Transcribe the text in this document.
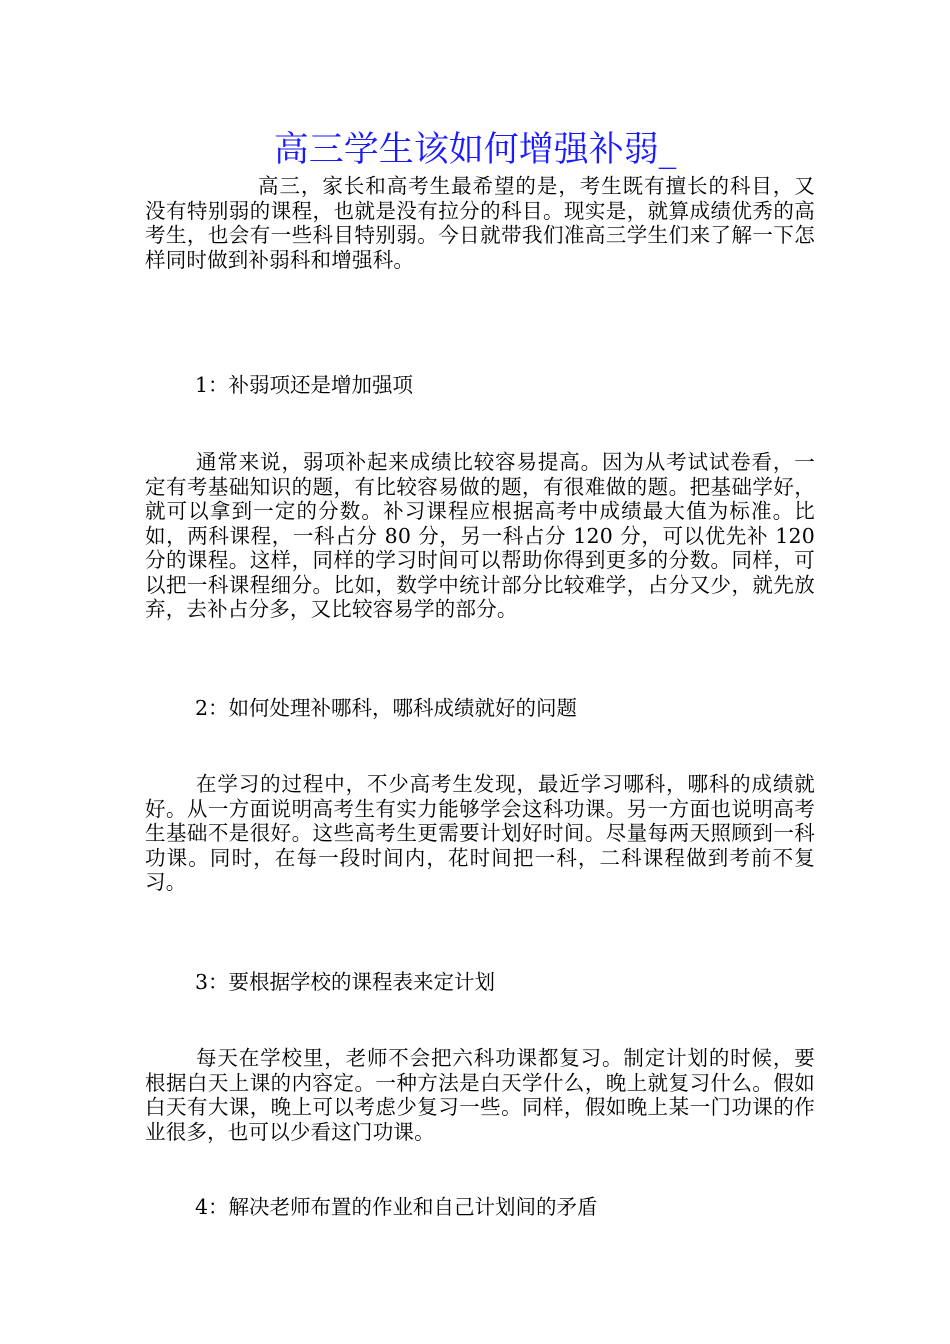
高三学生该如何增强补弱_
高三，家长和高考生最希望的是，考生既有擅长的科目，又没有特别弱的课程，也就是没有拉分的科目。现实是，就算成绩优秀的高考生，也会有一些科目特别弱。今日就带我们准高三学生们来了解一下怎样同时做到补弱科和增强科。
1：补弱项还是增加强项
通常来说，弱项补起来成绩比较容易提高。因为从考试试卷看，一定有考基础知识的题，有比较容易做的题，有很难做的题。把基础学好，就可以拿到一定的分数。补习课程应根据高考中成绩最大值为标准。比如，两科课程，一科占分 80 分，另一科占分 120 分，可以优先补 120 分的课程。这样，同样的学习时间可以帮助你得到更多的分数。同样，可以把一科课程细分。比如，数学中统计部分比较难学，占分又少，就先放弃，去补占分多，又比较容易学的部分。
2：如何处理补哪科，哪科成绩就好的问题
在学习的过程中，不少高考生发现，最近学习哪科，哪科的成绩就好。从一方面说明高考生有实力能够学会这科功课。另一方面也说明高考生基础不是很好。这些高考生更需要计划好时间。尽量每两天照顾到一科功课。同时，在每一段时间内，花时间把一科，二科课程做到考前不复习。
3：要根据学校的课程表来定计划
每天在学校里，老师不会把六科功课都复习。制定计划的时候，要根据白天上课的内容定。一种方法是白天学什么，晚上就复习什么。假如白天有大课，晚上可以考虑少复习一些。同样，假如晚上某一门功课的作业很多，也可以少看这门功课。
4：解决老师布置的作业和自己计划间的矛盾
